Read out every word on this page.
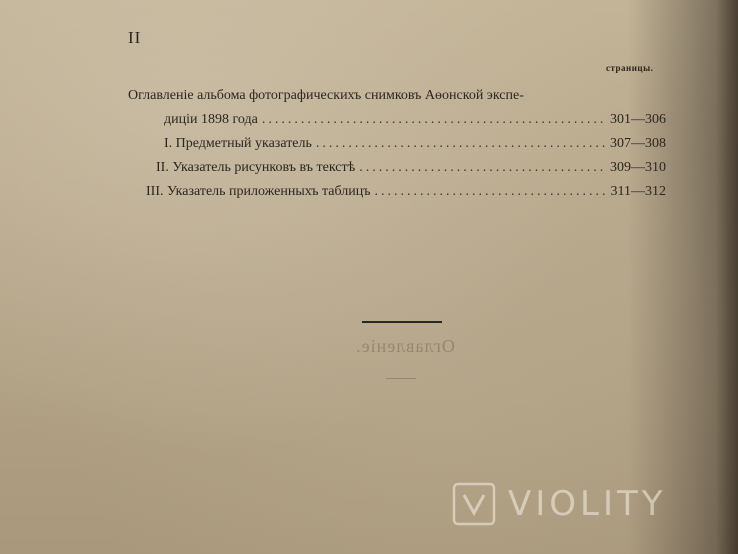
II
страницы.
Оглавленіе альбома фотографическихъ снимковъ Аѳонской экспе-
диціи 1898 года .....	301—306
I. Предметный указатель .....	307—308
II. Указатель рисунковъ въ текстѣ .....	309—310
III. Указатель приложенныхъ таблицъ .....	311—312
Оглавленіе.
VIOLITY
